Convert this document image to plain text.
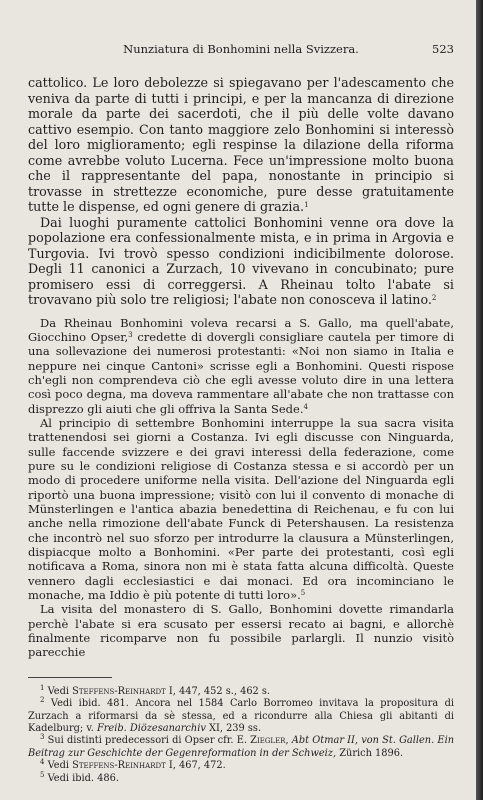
Nunziatura di Bonhomini nella Svizzera.	523

cattolico. Le loro debolezze si spiegavano per l'adescamento che veniva da parte di tutti i principi, e per la mancanza di direzione morale da parte dei sacerdoti, che il più delle volte davano cattivo esempio. Con tanto maggiore zelo Bonhomini si interessò del loro miglioramento; egli respinse la dilazione della riforma come avrebbe voluto Lucerna. Fece un'impressione molto buona che il rappresentante del papa, nonostante in principio si trovasse in strettezze economiche, pure desse gratuitamente tutte le dispense, ed ogni genere di grazia.$^1$

Dai luoghi puramente cattolici Bonhomini venne ora dove la popolazione era confessionalmente mista, e in prima in Argovia e Turgovia. Ivi trovò spesso condizioni indicibilmente dolorose. Degli 11 canonici a Zurzach, 10 vivevano in concubinato; pure promisero essi di correggersi. A Rheinau tolto l'abate si trovavano più solo tre religiosi; l'abate non conosceva il latino.$^2$

Da Rheinau Bonhomini voleva recarsi a S. Gallo, ma quell'abate, Giocchino Opser,$^3$ credette di dovergli consigliare cautela per timore di una sollevazione dei numerosi protestanti: «Noi non siamo in Italia e neppure nei cinque Cantoni» scrisse egli a Bonhomini. Questi rispose ch'egli non comprendeva ciò che egli avesse voluto dire in una lettera così poco degna, ma doveva rammentare all'abate che non trattasse con disprezzo gli aiuti che gli offriva la Santa Sede.$^4$

Al principio di settembre Bonhomini interruppe la sua sacra visita trattenendosi sei giorni a Costanza. Ivi egli discusse con Ninguarda, sulle faccende svizzere e dei gravi interessi della federazione, come pure su le condizioni religiose di Costanza stessa e si accordò per un modo di procedere uniforme nella visita. Dell'azione del Ninguarda egli riportò una buona impressione; visitò con lui il convento di monache di Münsterlingen e l'antica abazia benedettina di Reichenau, e fu con lui anche nella rimozione dell'abate Funck di Petershausen. La resistenza che incontrò nel suo sforzo per introdurre la clausura a Münsterlingen, dispiacque molto a Bonhomini. «Per parte dei protestanti, così egli notificava a Roma, sinora non mi è stata fatta alcuna difficoltà. Queste vennero dagli ecclesiastici e dai monaci. Ed ora incominciano le monache, ma Iddio è più potente di tutti loro».$^5$

La visita del monastero di S. Gallo, Bonhomini dovette rimandarla perchè l'abate si era scusato per essersi recato ai bagni, e allorchè finalmente ricomparve non fu possibile parlargli. Il nunzio visitò parecchie

$^1$ Vedi Steffens-Reinhardt I, 447, 452 s., 462 s.

$^2$ Vedi ibid. 481. Ancora nel 1584 Carlo Borromeo invitava la propositura di Zurzach a riformarsi da sè stessa, ed a ricondurre alla Chiesa gli abitanti di Kadelburg; v. Freib. Diözesanarchiv XI, 239 ss.

$^3$ Sui distinti predecessori di Opser cfr. E. Ziegler, Abt Otmar II, von St. Gallen. Ein Beitrag zur Geschichte der Gegenreformation in der Schweiz, Zürich 1896.

$^4$ Vedi Steffens-Reinhardt I, 467, 472.

$^5$ Vedi ibid. 486.
